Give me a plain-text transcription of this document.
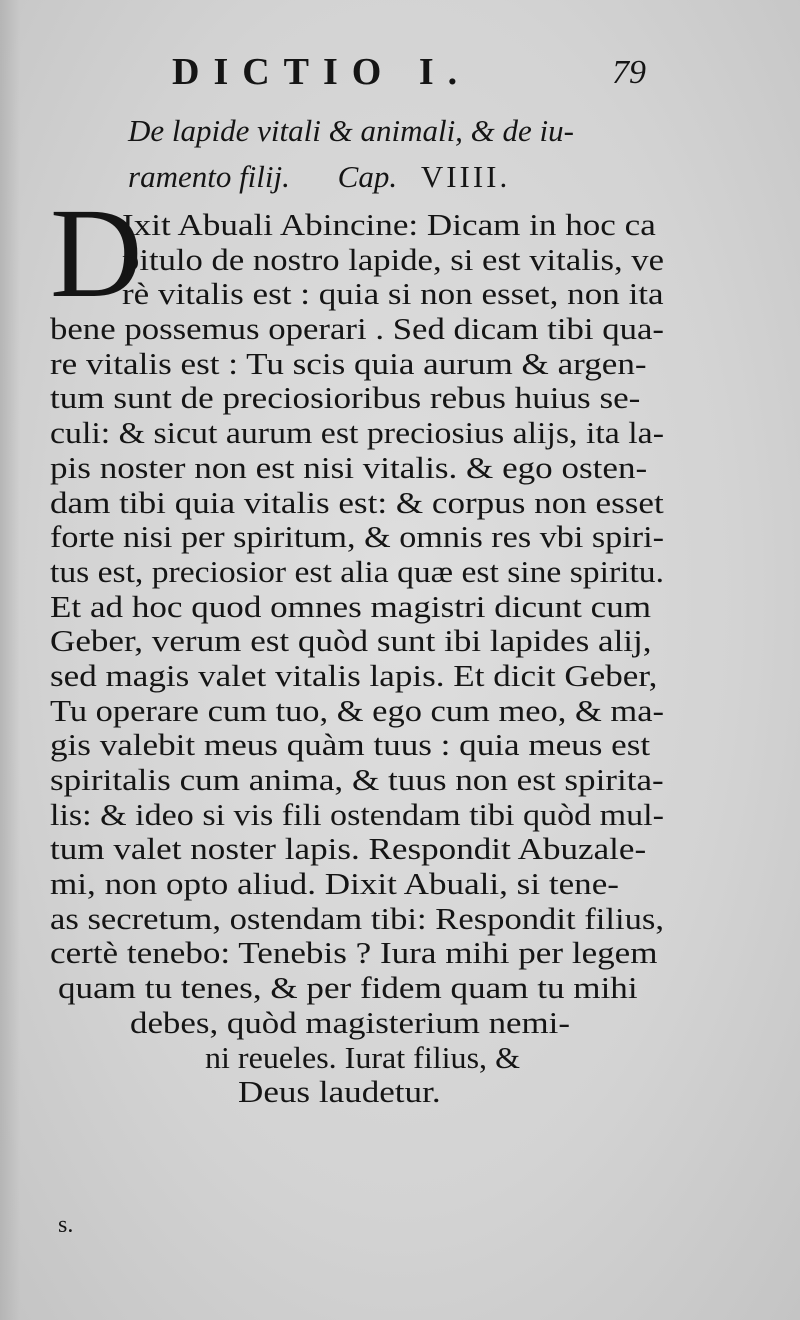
DICTIO I.	79
De lapide vitali & animali, & de iu-
ramento filij. Cap. VIIII.
D
Ixit Abuali Abincine: Dicam in hoc ca
pitulo de nostro lapide, si est vitalis, ve
rè vitalis est : quia si non esset, non ita
bene possemus operari . Sed dicam tibi qua-
re vitalis est : Tu scis quia aurum & argen-
tum sunt de preciosioribus rebus huius se-
culi: & sicut aurum est preciosius alijs, ita la-
pis noster non est nisi vitalis. & ego osten-
dam tibi quia vitalis est: & corpus non esset
forte nisi per spiritum, & omnis res vbi spiri-
tus est, preciosior est alia quæ est sine spiritu.
Et ad hoc quod omnes magistri dicunt cum
Geber, verum est quòd sunt ibi lapides alij,
sed magis valet vitalis lapis. Et dicit Geber,
Tu operare cum tuo, & ego cum meo, & ma-
gis valebit meus quàm tuus : quia meus est
spiritalis cum anima, & tuus non est spirita-
lis: & ideo si vis fili ostendam tibi quòd mul-
tum valet noster lapis. Respondit Abuzale-
mi, non opto aliud. Dixit Abuali, si tene-
as secretum, ostendam tibi: Respondit filius,
certè tenebo: Tenebis ? Iura mihi per legem
quam tu tenes, & per fidem quam tu mihi
debes, quòd magisterium nemi-
ni reueles. Iurat filius, &
Deus laudetur.
s.
